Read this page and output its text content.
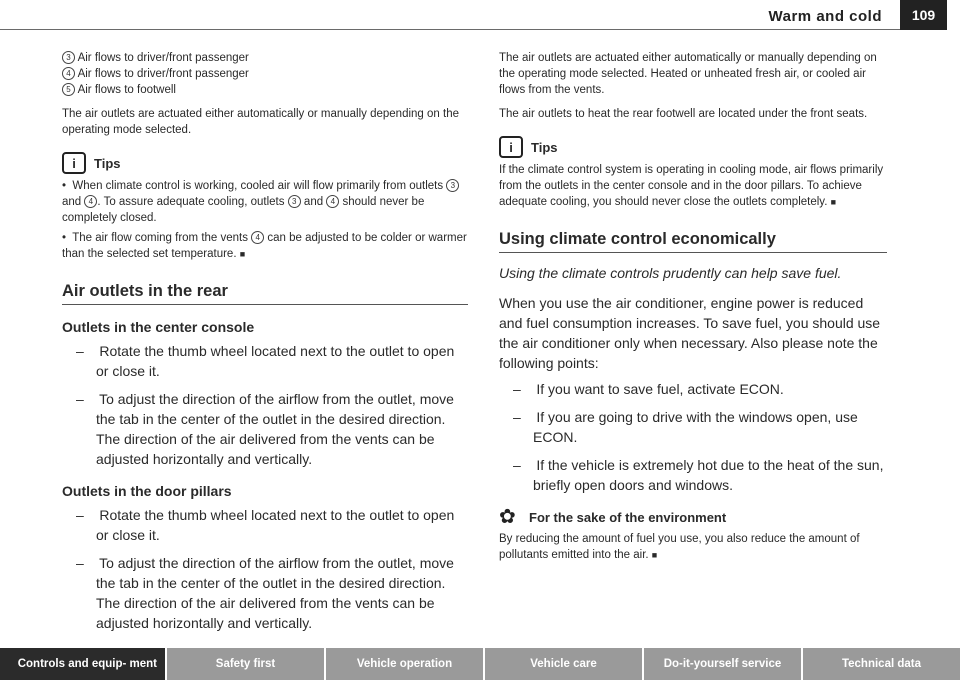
Warm and cold	109

3 Air flows to driver/front passenger

4 Air flows to driver/front passenger

5 Air flows to footwell

The air outlets are actuated either automatically or manually depending on the operating mode selected.

i	Tips

•  When climate control is working, cooled air will flow primarily from outlets 3 and 4 . To assure adequate cooling, outlets 3 and 4 should never be completely closed.

•  The air flow coming from the vents 4 can be adjusted to be colder or warmer than the selected set temperature. ■

Air outlets in the rear
Outlets in the center console

–    Rotate the thumb wheel located next to the outlet to open or close it.

–    To adjust the direction of the airflow from the outlet, move the tab in the center of the outlet in the desired direction. The direction of the air delivered from the vents can be adjusted horizontally and vertically.

Outlets in the door pillars

–    Rotate the thumb wheel located next to the outlet to open or close it.

–    To adjust the direction of the airflow from the outlet, move the tab in the center of the outlet in the desired direction. The direction of the air delivered from the vents can be adjusted horizontally and vertically.

The air outlets are actuated either automatically or manually depending on the operating mode selected. Heated or unheated fresh air, or cooled air flows from the vents.

The air outlets to heat the rear footwell are located under the front seats.

i	Tips

If the climate control system is operating in cooling mode, air flows primarily from the outlets in the center console and in the door pillars. To achieve adequate cooling, you should never close the outlets completely. ■

Using climate control economically

Using the climate controls prudently can help save fuel.

When you use the air conditioner, engine power is reduced and fuel consumption increases. To save fuel, you should use the air conditioner only when necessary. Also please note the following points:

–    If you want to save fuel, activate ECON.

–    If you are going to drive with the windows open, use ECON.

–    If the vehicle is extremely hot due to the heat of the sun, briefly open doors and windows.

✿ For the sake of the environment

By reducing the amount of fuel you use, you also reduce the amount of pollutants emitted into the air. ■

Controls and equip- ment	Safety first	Vehicle operation	Vehicle care	Do-it-yourself service	Technical data
